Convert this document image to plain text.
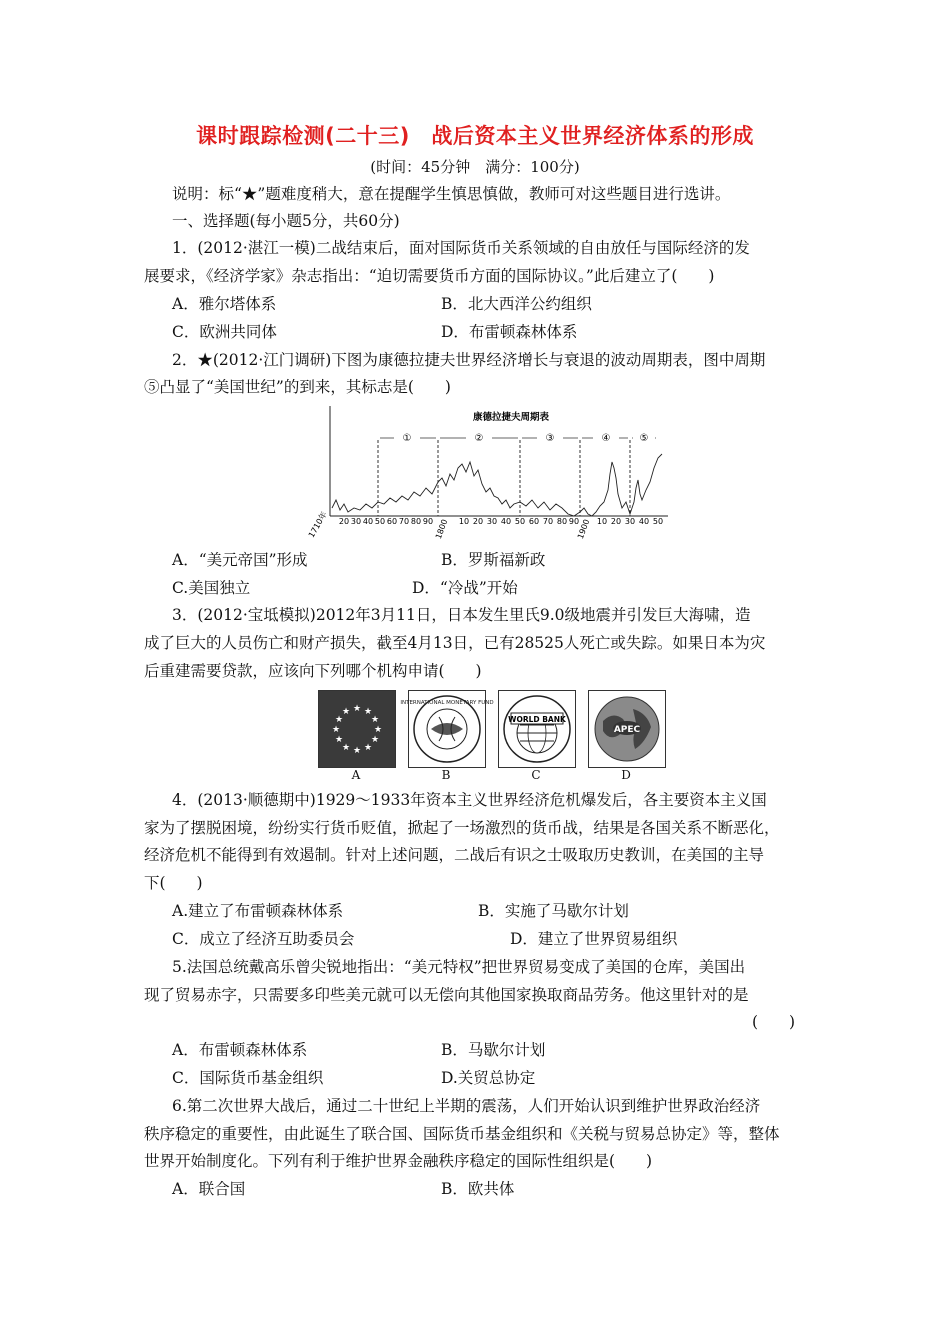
课时跟踪检测(二十三)　战后资本主义世界经济体系的形成
(时间：45分钟　满分：100分)
说明：标“★”题难度稍大，意在提醒学生慎思慎做，教师可对这些题目进行选讲。
一、选择题(每小题5分，共60分)
1．(2012·湛江一模)二战结束后，面对国际货币关系领域的自由放任与国际经济的发
展要求，《经济学家》杂志指出：“迫切需要货币方面的国际协议。”此后建立了(　　)
A．雅尔塔体系	B．北大西洋公约组织
C．欧洲共同体	D．布雷顿森林体系
2．★(2012·江门调研)下图为康德拉捷夫世界经济增长与衰退的波动周期表，图中周期
⑤凸显了“美国世纪”的到来，其标志是(　　)
康德拉捷夫周期表
①	②	③	④	⑤
1710年 20 30 40 50 60 70 80 90 1800 10 20 30 40 50 60 70 80 90
1900 10 20 30 40 50
A．“美元帝国”形成	B．罗斯福新政
C.美国独立	D．“冷战”开始
3．(2012·宝坻模拟)2012年3月11日，日本发生里氏9.0级地震并引发巨大海啸，造
成了巨大的人员伤亡和财产损失，截至4月13日，已有28525人死亡或失踪。如果日本为灾
后重建需要贷款，应该向下列哪个机构申请(　　)
★ ★
★
★
★
★
★
★
★
★
★
★
A
INTERNATIONAL MONETARY FUND
B
WORLD BANK
C
APEC
D
4．(2013·顺德期中)1929～1933年资本主义世界经济危机爆发后，各主要资本主义国
家为了摆脱困境，纷纷实行货币贬值，掀起了一场激烈的货币战，结果是各国关系不断恶化，
经济危机不能得到有效遏制。针对上述问题，二战后有识之士吸取历史教训，在美国的主导
下(　　)
A.建立了布雷顿森林体系	B．实施了马歇尔计划
C．成立了经济互助委员会	D．建立了世界贸易组织
5.法国总统戴高乐曾尖锐地指出：“美元特权”把世界贸易变成了美国的仓库，美国出
现了贸易赤字，只需要多印些美元就可以无偿向其他国家换取商品劳务。他这里针对的是
(　　)
A．布雷顿森林体系	B．马歇尔计划
C．国际货币基金组织	D.关贸总协定
6.第二次世界大战后，通过二十世纪上半期的震荡，人们开始认识到维护世界政治经济
秩序稳定的重要性，由此诞生了联合国、国际货币基金组织和《关税与贸易总协定》等，整体
世界开始制度化。下列有利于维护世界金融秩序稳定的国际性组织是(　　)
A．联合国	B．欧共体
